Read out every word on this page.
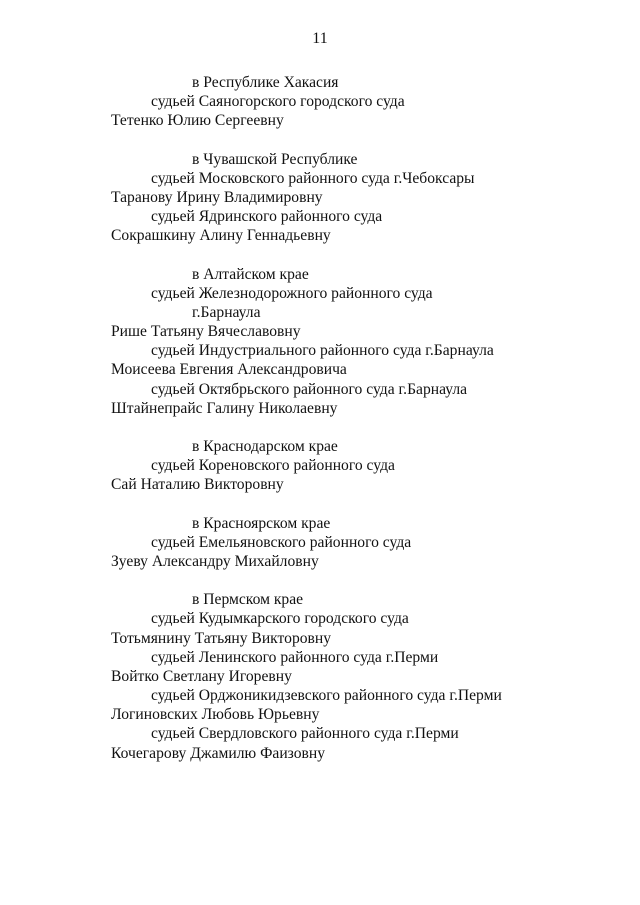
11
в Республике Хакасия
судьей Саяногорского городского суда
Тетенко Юлию Сергеевну
в Чувашской Республике
судьей Московского районного суда г.Чебоксары
Таранову Ирину Владимировну
судьей Ядринского районного суда
Сокрашкину Алину Геннадьевну
в Алтайском крае
судьей Железнодорожного районного суда
г.Барнаула
Рише Татьяну Вячеславовну
судьей Индустриального районного суда г.Барнаула
Моисеева Евгения Александровича
судьей Октябрьского районного суда г.Барнаула
Штайнепрайс Галину Николаевну
в Краснодарском крае
судьей Кореновского районного суда
Сай Наталию Викторовну
в Красноярском крае
судьей Емельяновского районного суда
Зуеву Александру Михайловну
в Пермском крае
судьей Кудымкарского городского суда
Тотьмянину Татьяну Викторовну
судьей Ленинского районного суда г.Перми
Войтко Светлану Игоревну
судьей Орджоникидзевского районного суда г.Перми
Логиновских Любовь Юрьевну
судьей Свердловского районного суда г.Перми
Кочегарову Джамилю Фаизовну
